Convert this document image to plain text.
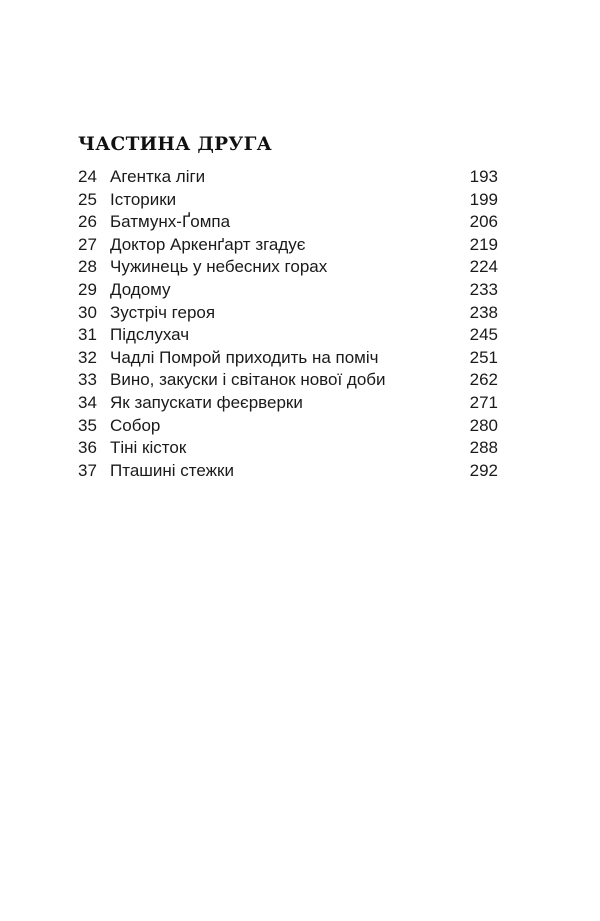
ЧАСТИНА ДРУГА
24 Агентка ліги	193
25 Історики	199
26 Батмунх-Ґомпа	206
27 Доктор Аркенґарт згадує	219
28 Чужинець у небесних горах	224
29 Додому	233
30 Зустріч героя	238
31 Підслухач	245
32 Чадлі Помрой приходить на поміч	251
33 Вино, закуски і світанок нової доби	262
34 Як запускати феєрверки	271
35 Собор	280
36 Тіні кісток	288
37 Пташині стежки	292
